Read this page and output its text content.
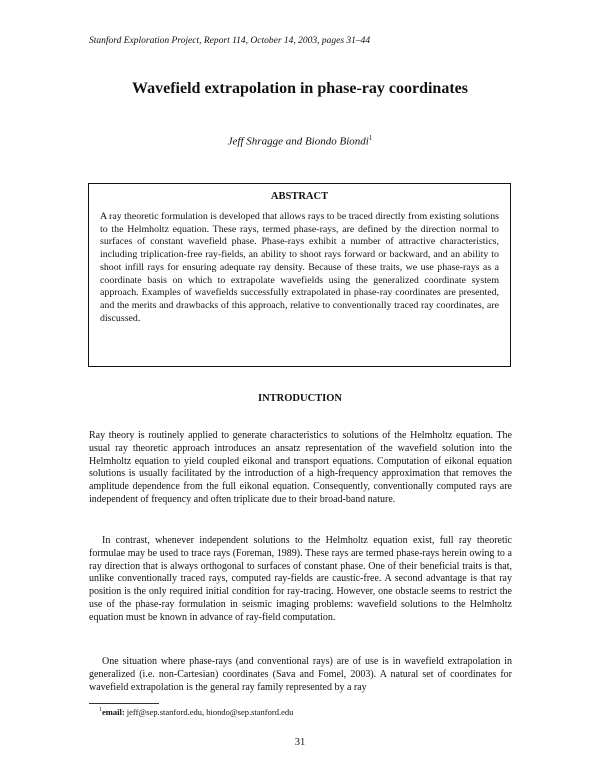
Stanford Exploration Project, Report 114, October 14, 2003, pages 31–44
Wavefield extrapolation in phase-ray coordinates
Jeff Shragge and Biondo Biondi$^1$
ABSTRACT
A ray theoretic formulation is developed that allows rays to be traced directly from existing solutions to the Helmholtz equation. These rays, termed phase-rays, are defined by the direction normal to surfaces of constant wavefield phase. Phase-rays exhibit a number of attractive characteristics, including triplication-free ray-fields, an ability to shoot rays forward or backward, and an ability to shoot infill rays for ensuring adequate ray density. Because of these traits, we use phase-rays as a coordinate basis on which to extrapolate wavefields using the generalized coordinate system approach. Examples of wavefields successfully extrapolated in phase-ray coordinates are presented, and the merits and drawbacks of this approach, relative to conventionally traced ray coordinates, are discussed.
INTRODUCTION

Ray theory is routinely applied to generate characteristics to solutions of the Helmholtz equation. The usual ray theoretic approach introduces an ansatz representation of the wavefield solution into the Helmholtz equation to yield coupled eikonal and transport equations. Computation of eikonal equation solutions is usually facilitated by the introduction of a high-frequency approximation that removes the amplitude dependence from the full eikonal equation. Consequently, conventionally computed rays are independent of frequency and often triplicate due to their broad-band nature.

In contrast, whenever independent solutions to the Helmholtz equation exist, full ray theoretic formulae may be used to trace rays (Foreman, 1989). These rays are termed phase-rays herein owing to a ray direction that is always orthogonal to surfaces of constant phase. One of their beneficial traits is that, unlike conventionally traced rays, computed ray-fields are caustic-free. A second advantage is that ray position is the only required initial condition for ray-tracing. However, one obstacle seems to restrict the use of the phase-ray formulation in seismic imaging problems: wavefield solutions to the Helmholtz equation must be known in advance of ray-field computation.

One situation where phase-rays (and conventional rays) are of use is in wavefield extrapolation in generalized (i.e. non-Cartesian) coordinates (Sava and Fomel, 2003). A natural set of coordinates for wavefield extrapolation is the general ray family represented by a ray

$^1$email: jeff@sep.stanford.edu, biondo@sep.stanford.edu
31
